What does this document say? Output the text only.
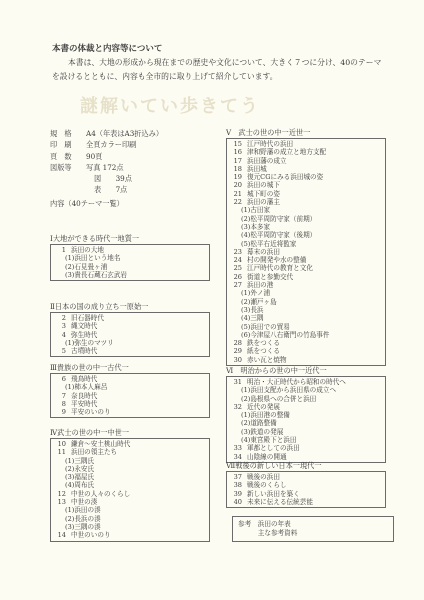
謎解いてい歩きてう
本書の体裁と内容等について

本書は、大地の形成から現在までの歴史や文化について、大きく７つに分け、40のテーマを設けるとともに、内容も全市的に取り上げて紹介しています。

規　格	A4（年表はA3折込み）
印　刷	全頁カラー印刷
頁　数	90頁
図版等	写真 172点
図　　39点
表　　7点
内容（40テーマ一覧）
Ⅰ大地ができる時代一地質一
1 浜田の大地
(1)浜田という地名
(2)石見畳ヶ浦
(3)貴長石蔵石玄武岩
Ⅱ日本の国の成り立ち一原始一
2 旧石器時代
3 縄文時代
4 弥生時代
(1)弥生のマツリ
5 古墳時代
Ⅲ貴族の世の中一古代一
6 飛鳥時代
(1)柿本人麻呂
7 奈良時代
8 平安時代
9 平安のいのり
Ⅳ武士の世の中一中世一
10 鎌倉～安土桃山時代
11 浜田の領主たち
(1)三隅氏
(2)永安氏
(3)福屋氏
(4)周布氏
12 中世の人々のくらし
13 中世の湊
(1)浜田の湊
(2)長浜の湊
(3)三隅の湊
14 中世のいのり
Ⅴ　武士の世の中一近世一
15 江戸時代の浜田
16 津和野藩の成立と地方支配
17 浜田藩の成立
18 浜田城
19 復元CGにみる浜田城の姿
20 浜田の城下
21 城下町の姿
22 浜田の藩主
(1)古田家
(2)松平周防守家（前期）
(3)本多家
(4)松平周防守家（後期）
(5)松平右近将監家
23 幕末の浜田
24 村の開発や水の整備
25 江戸時代の教育と文化
26 街道と参勤交代
27 浜田の港
(1)外ノ浦
(2)瀬戸ヶ島
(3)長浜
(4)三隅
(5)浜田での貿易
(6)今津屋八右衛門の竹島事件
28 鉄をつくる
29 紙をつくる
30 赤い瓦と焼物
Ⅵ　明治からの世の中一近代一
31 明治・大正時代から昭和の時代へ
(1)浜田支配から浜田県の成立へ
(2)島根県への合併と浜田
32 近代の発展
(1)浜田港の整備
(2)道路整備
(3)鉄道の発展
(4)東宮殿下と浜田
33 軍都としての浜田
34 山陰線の開通
Ⅶ戦後の新しい日本一現代一
37 戦後の浜田
38 戦後のくらし
39 新しい浜田を築く
40 未来に伝える伝統芸能
参考　浜田の年表
　　　主な参考資料
